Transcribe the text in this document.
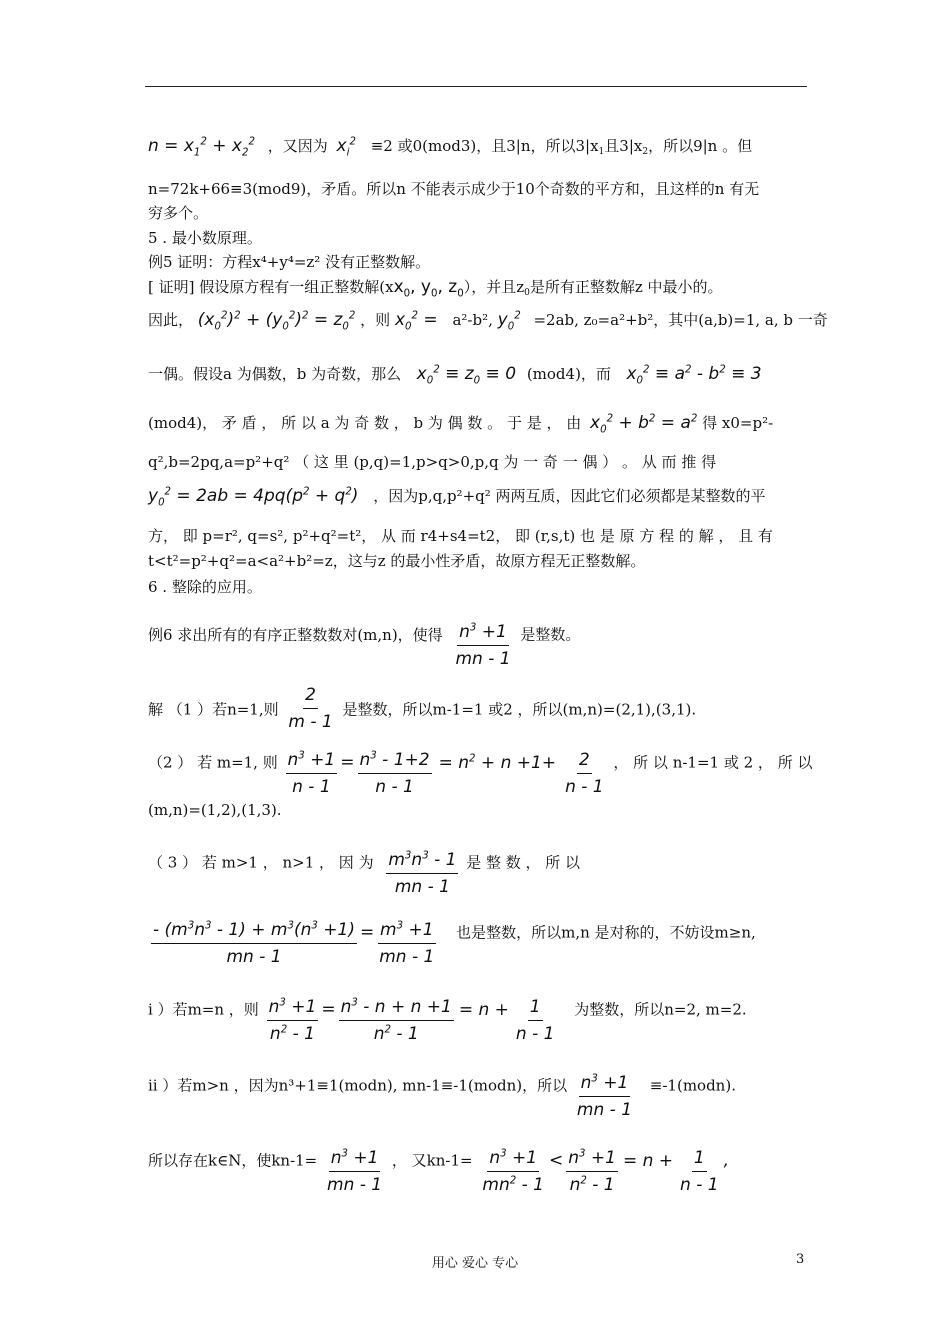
$n = x_1^2 + x_2^2$ ，又因为 $x_i^2 \equiv 2$ 或0(mod3)，且3|n，所以$3|x_1$且$3|x_2$，所以9|n 。但
n=72k+66≡3(mod9)，矛盾。所以n 不能表示成少于10个奇数的平方和，且这样的n 有无
穷多个。
5 . 最小数原理。
例5 证明：方程x⁴+y⁴=z² 没有正整数解。
[ 证明] 假设原方程有一组正整数解($xx_0$, $y_0$, $z_0$），并且$z_0$是所有正整数解z 中最小的。
因此， $(x_0^2)^2 + (y_0^2)^2 = z_0^2$ ，则 $x_0^2 = a^2-b^2$, $y_0^2 =2ab$, z₀=a²+b²，其中(a,b)=1, a, b 一奇
一偶。假设a 为偶数，b 为奇数，那么 $x_0^2 \equiv z_0 \equiv 0$ (mod4)，而 $x_0^2 \equiv a^2 - b^2 \equiv 3$
(mod4)， 矛 盾 ， 所 以 a 为 奇 数 ， b 为 偶 数 。 于 是 ， 由 $x_0^2 + b^2 = a^2$ 得 x0=p²-
q²,b=2pq,a=p²+q² （ 这 里 (p,q)=1,p>q>0,p,q 为 一 奇 一 偶 ） 。 从 而 推 得
$y_0^2 = 2ab = 4pq(p^2 + q^2)$ ，因为p,q,p²+q² 两两互质，因此它们必须都是某整数的平
方， 即 p=r², q=s², p²+q²=t²， 从 而 r4+s4=t2， 即 (r,s,t) 也 是 原 方 程 的 解 ， 且 有
t<t²=p²+q²=a<a²+b²=z，这与z 的最小性矛盾，故原方程无正整数解。
6 . 整除的应用。
例6 求出所有的有序正整数数对(m,n)，使得 $\frac{n^3 +1}{mn - 1}$ 是整数。
解 （1 ）若n=1,则 $\frac{2}{m - 1}$ 是整数，所以m-1=1 或2 ，所以(m,n)=(2,1),(3,1).
（2 ） 若 m=1, 则 $\frac{n^3 +1}{n - 1} = \frac{n^3 - 1+2}{n - 1} = n^2 + n +1+ \frac{2}{n - 1}$ ， 所 以 n-1=1 或 2 ， 所 以
(m,n)=(1,2),(1,3).
（ 3 ） 若 m>1 ， n>1 ， 因 为 $\frac{m^3n^3 - 1}{mn - 1}$ 是 整 数 ， 所 以
$\frac{- (m^3n^3 - 1) + m^3(n^3 +1)}{mn - 1} = \frac{m^3 +1}{mn - 1}$ 也是整数，所以m,n 是对称的，不妨设m≥n,
i ）若m=n ，则 $\frac{n^3 +1}{n^2 - 1} = \frac{n^3 - n + n +1}{n^2 - 1} = n + \frac{1}{n - 1}$ 为整数，所以n=2, m=2.
ii ）若m>n ，因为n³+1≡1(modn), mn-1≡-1(modn)，所以 $\frac{n^3 +1}{mn - 1}$ ≡-1(modn).
所以存在k∈N，使$kn-1= \frac{n^3 +1}{mn - 1}$ ， 又$kn-1= \frac{n^3 +1}{mn^2 - 1} < \frac{n^3 +1}{n^2 - 1} = n + \frac{1}{n - 1}$ ,
用心 爱心 专心	3
